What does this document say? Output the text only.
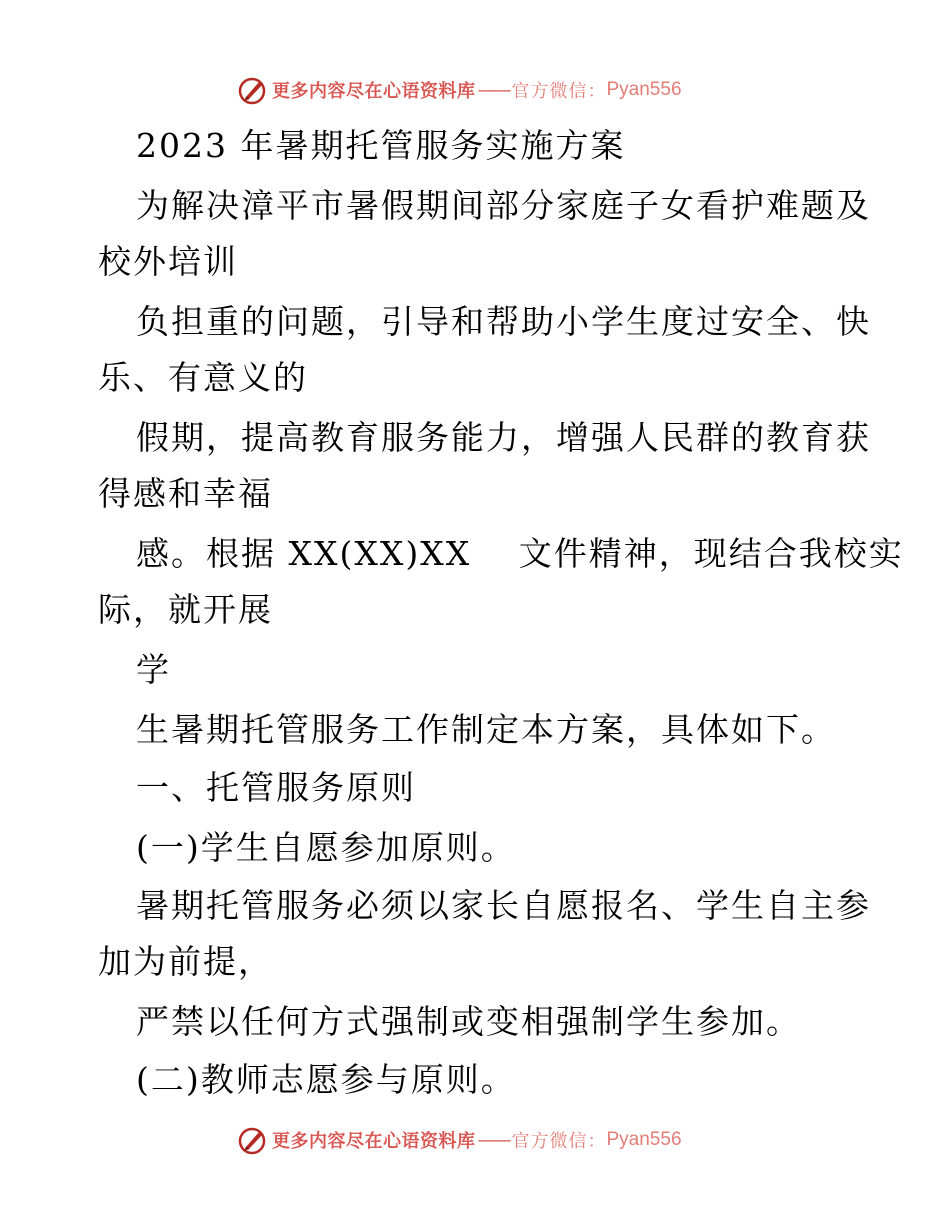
更多内容尽在心语资料库 —— 官方微信： Pyan556
2023 年暑期托管服务实施方案
为解决漳平市暑假期间部分家庭子女看护难题及
校外培训
负担重的问题，引导和帮助小学生度过安全、快
乐、有意义的
假期，提高教育服务能力，增强人民群的教育获
得感和幸福
感。根据 XX(XX)XX　 文件精神，现结合我校实
际，就开展
学
生暑期托管服务工作制定本方案，具体如下。
一、托管服务原则
(一)学生自愿参加原则。
暑期托管服务必须以家长自愿报名、学生自主参
加为前提，
严禁以任何方式强制或变相强制学生参加。
(二)教师志愿参与原则。
更多内容尽在心语资料库 —— 官方微信： Pyan556
